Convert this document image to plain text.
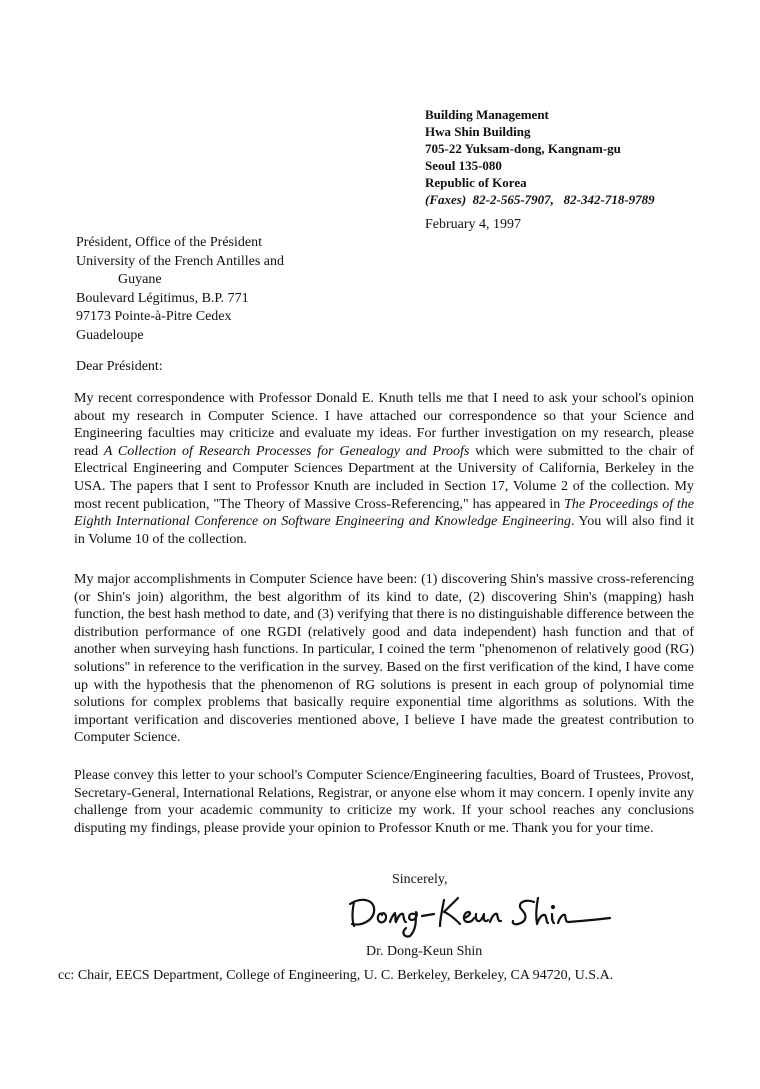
Building Management
Hwa Shin Building
705-22 Yuksam-dong, Kangnam-gu
Seoul 135-080
Republic of Korea
(Faxes) 82-2-565-7907,   82-342-718-9789
February 4, 1997
Président, Office of the Président
University of the French Antilles and
Guyane
Boulevard Légitimus, B.P. 771
97173 Pointe-à-Pitre Cedex
Guadeloupe
Dear Président:
My recent correspondence with Professor Donald E. Knuth tells me that I need to ask your school's opinion about my research in Computer Science. I have attached our correspondence so that your Science and Engineering faculties may criticize and evaluate my ideas. For further investigation on my research, please read A Collection of Research Processes for Genealogy and Proofs which were submitted to the chair of Electrical Engineering and Computer Sciences Department at the University of California, Berkeley in the USA. The papers that I sent to Professor Knuth are included in Section 17, Volume 2 of the collection. My most recent publication, "The Theory of Massive Cross-Referencing," has appeared in The Proceedings of the Eighth International Conference on Software Engineering and Knowledge Engineering. You will also find it in Volume 10 of the collection.
My major accomplishments in Computer Science have been: (1) discovering Shin's massive cross-referencing (or Shin's join) algorithm, the best algorithm of its kind to date, (2) discovering Shin's (mapping) hash function, the best hash method to date, and (3) verifying that there is no distinguishable difference between the distribution performance of one RGDI (relatively good and data independent) hash function and that of another when surveying hash functions. In particular, I coined the term "phenomenon of relatively good (RG) solutions" in reference to the verification in the survey. Based on the first verification of the kind, I have come up with the hypothesis that the phenomenon of RG solutions is present in each group of polynomial time solutions for complex problems that basically require exponential time algorithms as solutions. With the important verification and discoveries mentioned above, I believe I have made the greatest contribution to Computer Science.
Please convey this letter to your school's Computer Science/Engineering faculties, Board of Trustees, Provost, Secretary-General, International Relations, Registrar, or anyone else whom it may concern. I openly invite any challenge from your academic community to criticize my work. If your school reaches any conclusions disputing my findings, please provide your opinion to Professor Knuth or me. Thank you for your time.
Sincerely,
Dr. Dong-Keun Shin
cc: Chair, EECS Department, College of Engineering, U. C. Berkeley, Berkeley, CA 94720, U.S.A.
